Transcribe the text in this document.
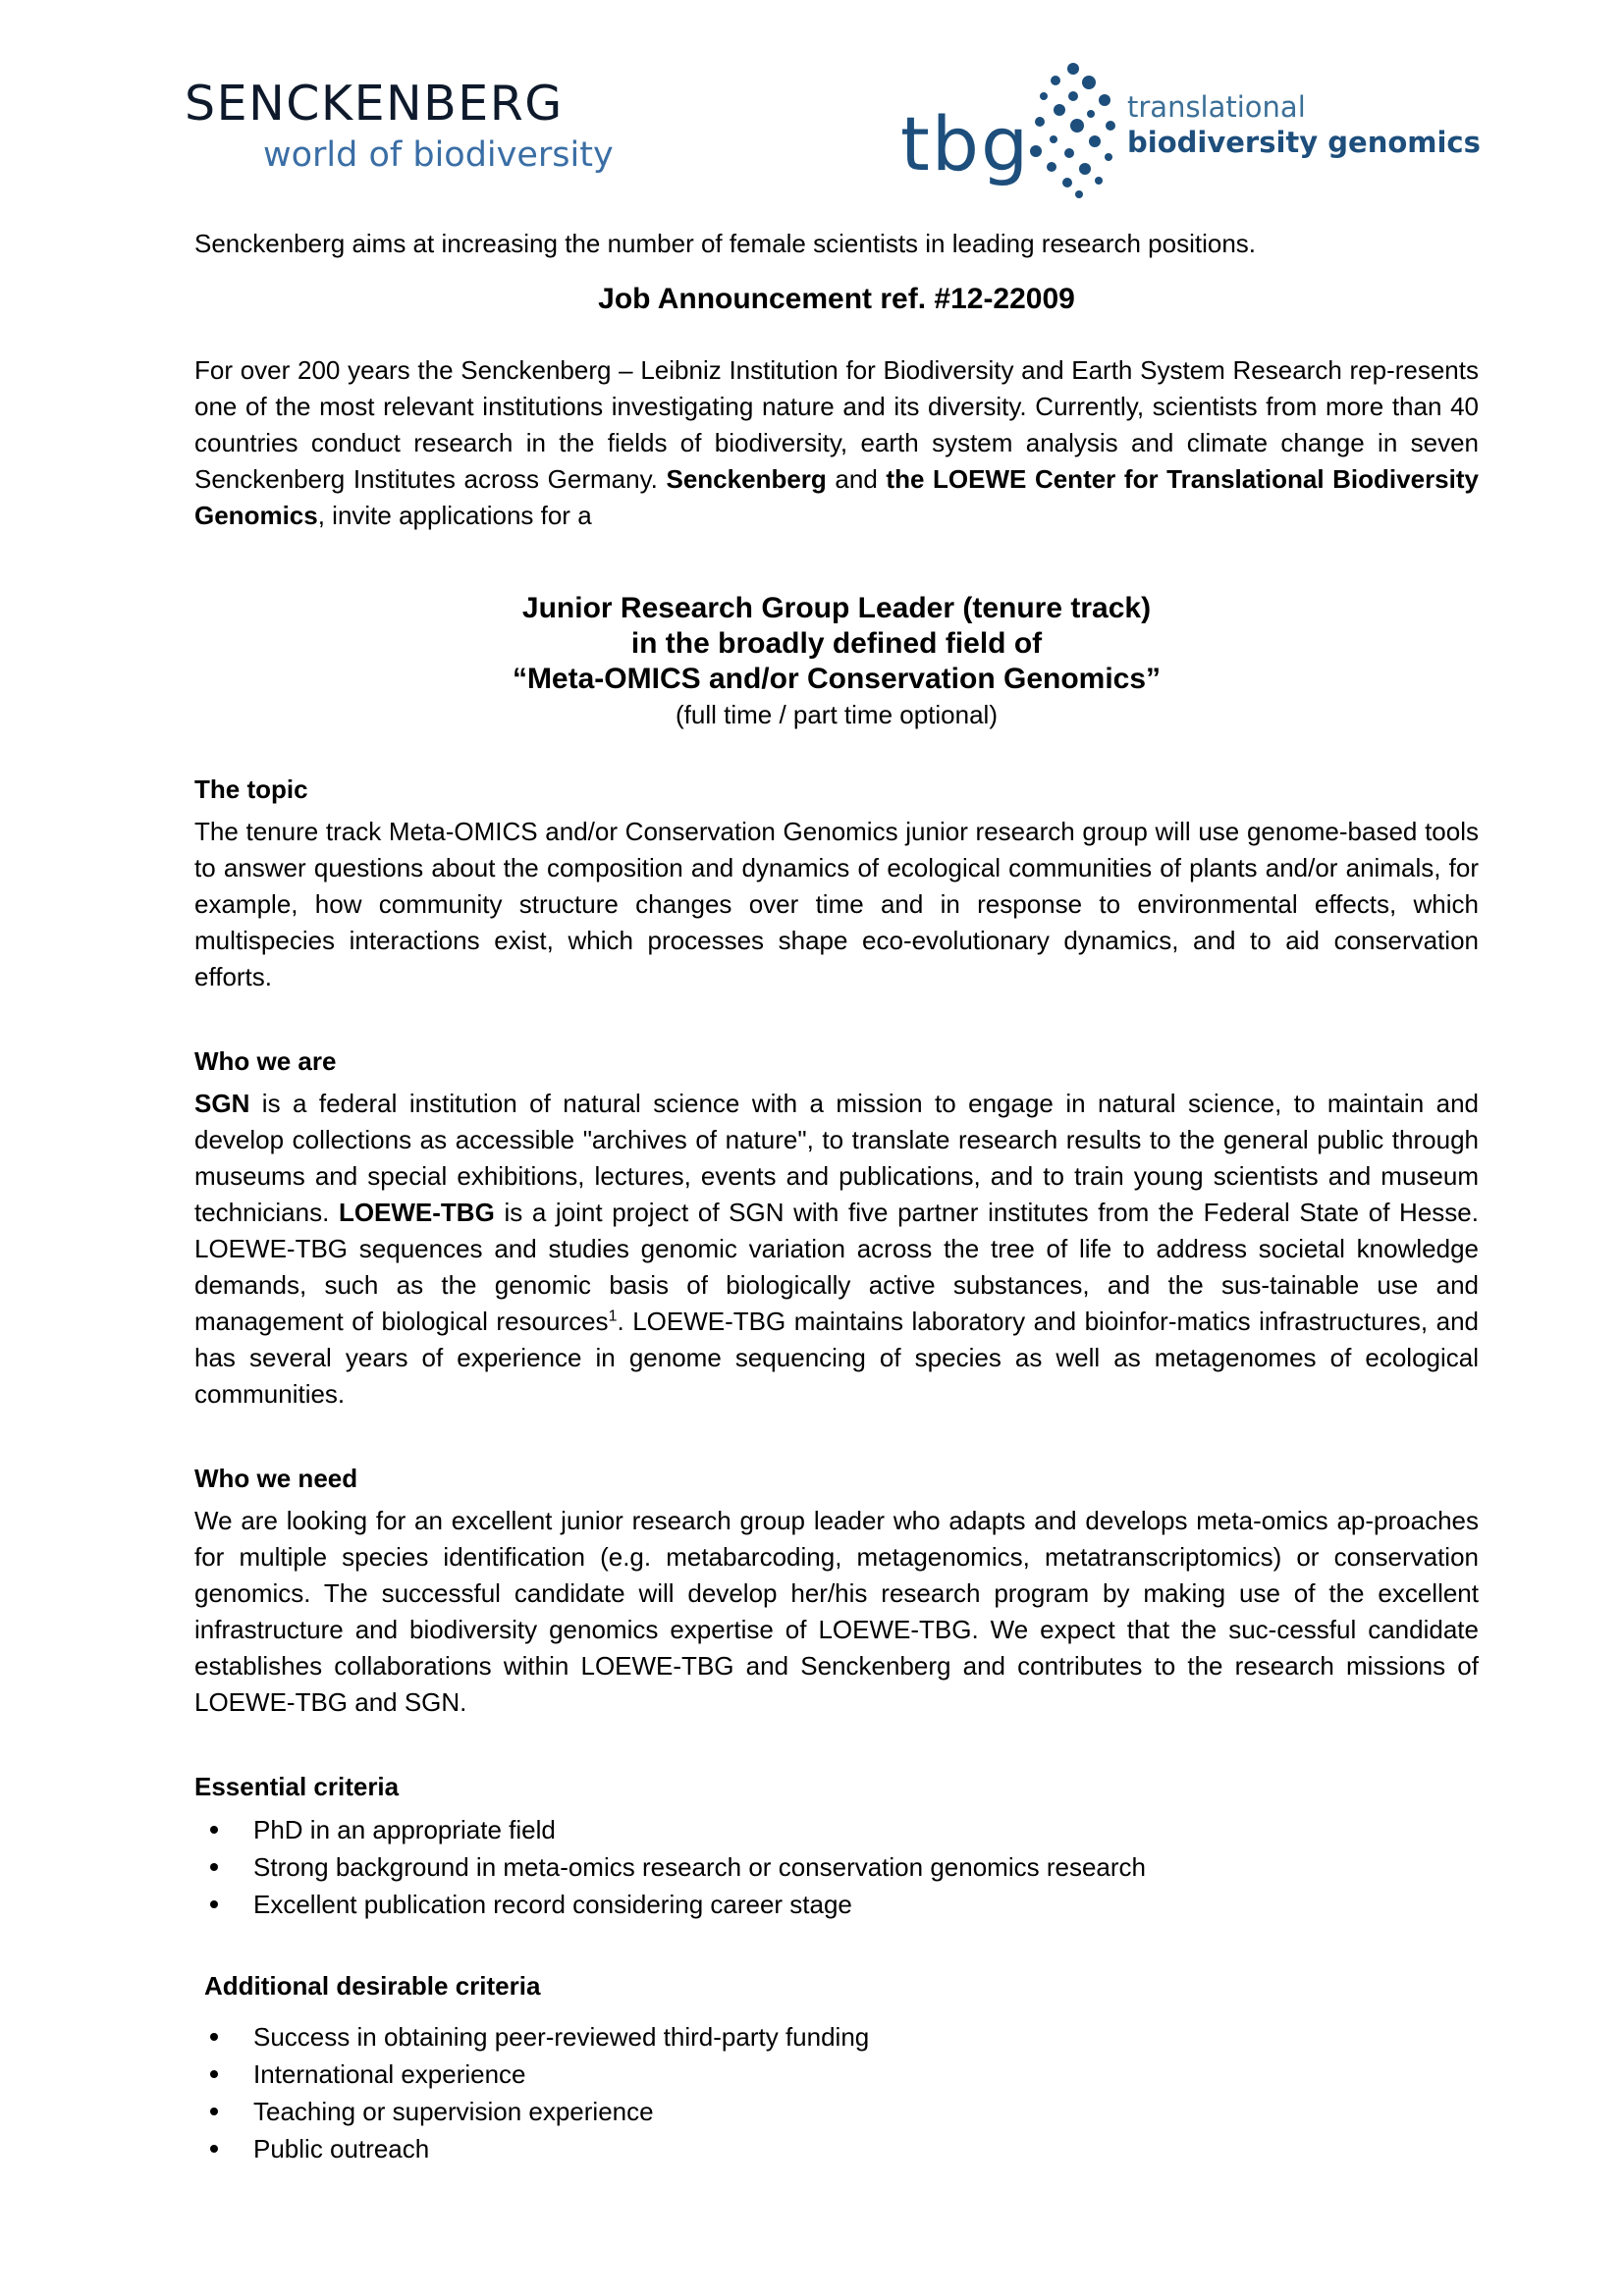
SENCKENBERG
world of biodiversity	tbg	translational
biodiversity genomics

Senckenberg aims at increasing the number of female scientists in leading research positions.

Job Announcement ref. #12-22009

For over 200 years the Senckenberg – Leibniz Institution for Biodiversity and Earth System Research rep-resents one of the most relevant institutions investigating nature and its diversity. Currently, scientists from more than 40 countries conduct research in the fields of biodiversity, earth system analysis and climate change in seven Senckenberg Institutes across Germany. Senckenberg and the LOEWE Center for Translational Biodiversity Genomics, invite applications for a

Junior Research Group Leader (tenure track)
in the broadly defined field of
“Meta-OMICS and/or Conservation Genomics”
(full time / part time optional)
The topic

The tenure track Meta-OMICS and/or Conservation Genomics junior research group will use genome-based tools to answer questions about the composition and dynamics of ecological communities of plants and/or animals, for example, how community structure changes over time and in response to environmental effects, which multispecies interactions exist, which processes shape eco-evolutionary dynamics, and to aid conservation efforts.

Who we are

SGN is a federal institution of natural science with a mission to engage in natural science, to maintain and develop collections as accessible "archives of nature", to translate research results to the general public through museums and special exhibitions, lectures, events and publications, and to train young scientists and museum technicians. LOEWE-TBG is a joint project of SGN with five partner institutes from the Federal State of Hesse. LOEWE-TBG sequences and studies genomic variation across the tree of life to address societal knowledge demands, such as the genomic basis of biologically active substances, and the sus-tainable use and management of biological resources$^1$. LOEWE-TBG maintains laboratory and bioinfor-matics infrastructures, and has several years of experience in genome sequencing of species as well as metagenomes of ecological communities.

Who we need

We are looking for an excellent junior research group leader who adapts and develops meta-omics ap-proaches for multiple species identification (e.g. metabarcoding, metagenomics, metatranscriptomics) or conservation genomics. The successful candidate will develop her/his research program by making use of the excellent infrastructure and biodiversity genomics expertise of LOEWE-TBG. We expect that the suc-cessful candidate establishes collaborations within LOEWE-TBG and Senckenberg and contributes to the research missions of LOEWE-TBG and SGN.

Essential criteria
PhD in an appropriate field
Strong background in meta-omics research or conservation genomics research
Excellent publication record considering career stage
Additional desirable criteria
Success in obtaining peer-reviewed third-party funding
International experience
Teaching or supervision experience
Public outreach
